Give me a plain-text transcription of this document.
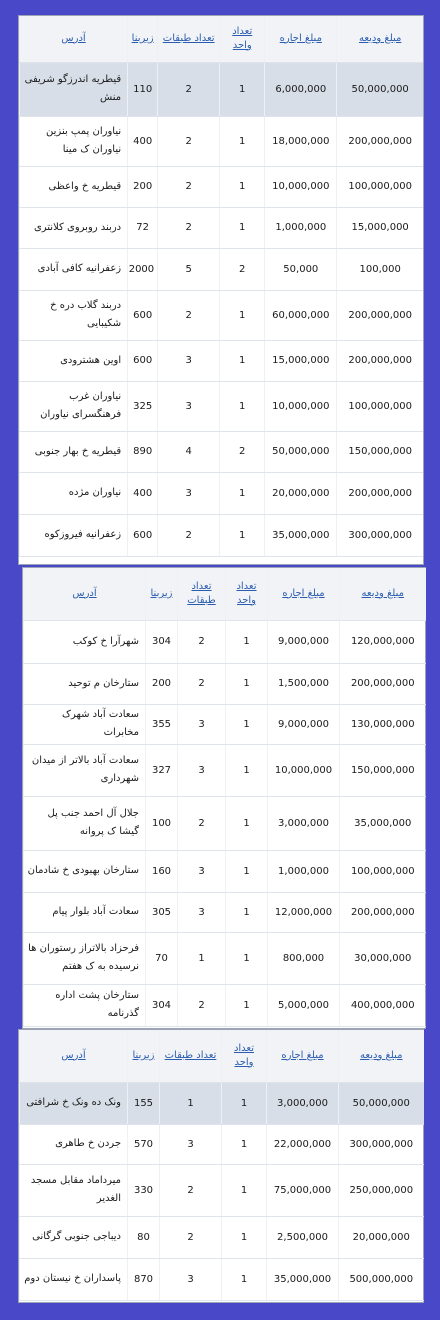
آدرس	زیربنا	تعداد طبقات	تعداد واحد	مبلغ اجاره	مبلغ ودیعه
قیطریه اندرزگو شریفی منش	110	2	1	6,000,000	50,000,000
نیاوران پمپ بنزین نیاوران ک مینا	400	2	1	18,000,000	200,000,000
قیطریه خ واعظی	200	2	1	10,000,000	100,000,000
دربند روبروی کلانتری	72	2	1	1,000,000	15,000,000
زعفرانیه کافی آبادی	2000	5	2	50,000	100,000
دربند گلاب دره خ شکیبایی	600	2	1	60,000,000	200,000,000
اوین هشترودی	600	3	1	15,000,000	200,000,000
نیاوران غرب فرهنگسرای نیاوران	325	3	1	10,000,000	100,000,000
قیطریه خ بهار جنوبی	890	4	2	50,000,000	150,000,000
نیاوران مژده	400	3	1	20,000,000	200,000,000
زعفرانیه فیروزکوه	600	2	1	35,000,000	300,000,000
آدرس	زیربنا	تعداد طبقات	تعداد واحد	مبلغ اجاره	مبلغ ودیعه
شهرآرا خ کوکب	304	2	1	9,000,000	120,000,000
ستارخان م توحید	200	2	1	1,500,000	200,000,000
سعادت آباد شهرک مخابرات	355	3	1	9,000,000	130,000,000
سعادت آباد بالاتر از میدان شهرداری	327	3	1	10,000,000	150,000,000
جلال آل احمد جنب پل گیشا ک پروانه	100	2	1	3,000,000	35,000,000
ستارخان بهبودی خ شادمان	160	3	1	1,000,000	100,000,000
سعادت آباد بلوار پیام	305	3	1	12,000,000	200,000,000
فرحزاد بالاتراز رستوران ها نرسیده به ک هفتم	70	1	1	800,000	30,000,000
ستارخان پشت اداره گذرنامه	304	2	1	5,000,000	400,000,000
آدرس	زیربنا	تعداد طبقات	تعداد واحد	مبلغ اجاره	مبلغ ودیعه
ونک ده ونک خ شرافتی	155	1	1	3,000,000	50,000,000
جردن خ طاهری	570	3	1	22,000,000	300,000,000
میرداماد مقابل مسجد الغدیر	330	2	1	75,000,000	250,000,000
دیباجی جنوبی گرگانی	80	2	1	2,500,000	20,000,000
پاسداران خ نیستان دوم	870	3	1	35,000,000	500,000,000
